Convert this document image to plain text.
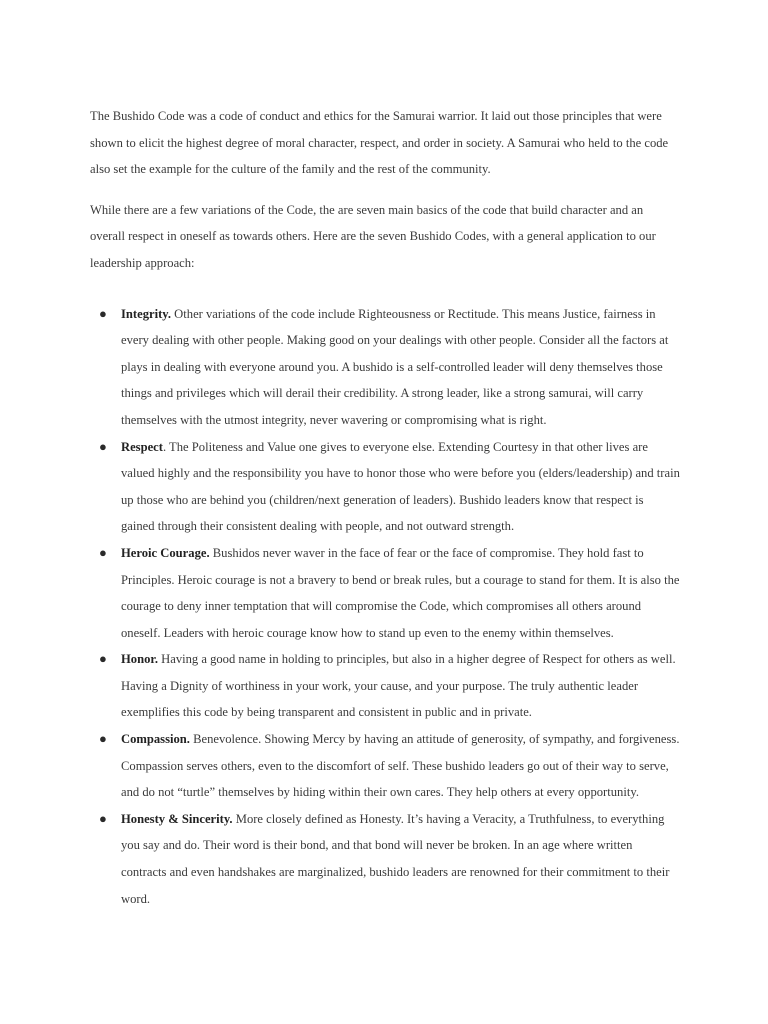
The Bushido Code was a code of conduct and ethics for the Samurai warrior. It laid out those principles that were shown to elicit the highest degree of moral character, respect, and order in society. A Samurai who held to the code also set the example for the culture of the family and the rest of the community.

While there are a few variations of the Code, the are seven main basics of the code that build character and an overall respect in oneself as towards others. Here are the seven Bushido Codes, with a general application to our leadership approach:

● Integrity. Other variations of the code include Righteousness or Rectitude. This means Justice, fairness in every dealing with other people. Making good on your dealings with other people. Consider all the factors at plays in dealing with everyone around you. A bushido is a self-controlled leader will deny themselves those things and privileges which will derail their credibility. A strong leader, like a strong samurai, will carry themselves with the utmost integrity, never wavering or compromising what is right.
● Respect. The Politeness and Value one gives to everyone else. Extending Courtesy in that other lives are valued highly and the responsibility you have to honor those who were before you (elders/leadership) and train up those who are behind you (children/next generation of leaders). Bushido leaders know that respect is gained through their consistent dealing with people, and not outward strength.
● Heroic Courage. Bushidos never waver in the face of fear or the face of compromise. They hold fast to Principles. Heroic courage is not a bravery to bend or break rules, but a courage to stand for them. It is also the courage to deny inner temptation that will compromise the Code, which compromises all others around oneself. Leaders with heroic courage know how to stand up even to the enemy within themselves.
● Honor. Having a good name in holding to principles, but also in a higher degree of Respect for others as well. Having a Dignity of worthiness in your work, your cause, and your purpose. The truly authentic leader exemplifies this code by being transparent and consistent in public and in private.
● Compassion. Benevolence. Showing Mercy by having an attitude of generosity, of sympathy, and forgiveness. Compassion serves others, even to the discomfort of self. These bushido leaders go out of their way to serve, and do not “turtle” themselves by hiding within their own cares. They help others at every opportunity.
● Honesty & Sincerity. More closely defined as Honesty. It’s having a Veracity, a Truthfulness, to everything you say and do. Their word is their bond, and that bond will never be broken. In an age where written contracts and even handshakes are marginalized, bushido leaders are renowned for their commitment to their word.
